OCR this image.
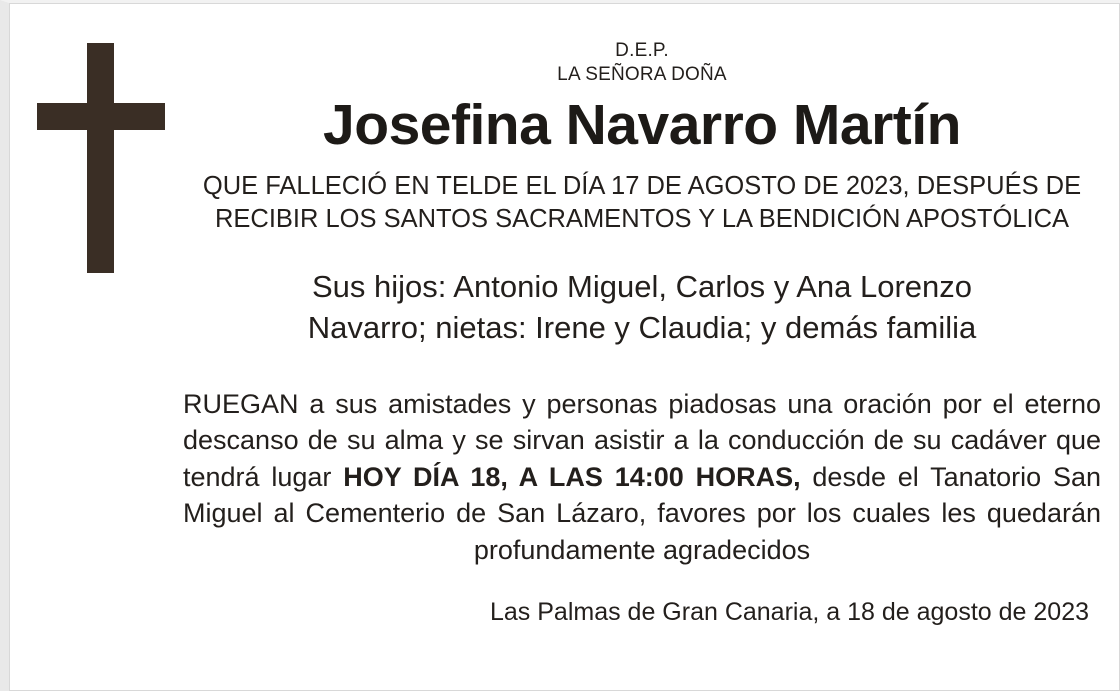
D.E.P.
LA SEÑORA DOÑA
Josefina Navarro Martín
QUE FALLECIÓ EN TELDE EL DÍA 17 DE AGOSTO DE 2023, DESPUÉS DE
RECIBIR LOS SANTOS SACRAMENTOS Y LA BENDICIÓN APOSTÓLICA
Sus hijos: Antonio Miguel, Carlos y Ana Lorenzo
Navarro; nietas: Irene y Claudia; y demás familia
RUEGAN a sus amistades y personas piadosas una oración por el eterno descanso de su alma y se sirvan asistir a la conducción de su cadáver que tendrá lugar HOY DÍA 18, A LAS 14:00 HORAS, desde el Tanatorio San Miguel al Cementerio de San Lázaro, favores por los cuales les quedarán profundamente agradecidos
Las Palmas de Gran Canaria, a 18 de agosto de 2023
